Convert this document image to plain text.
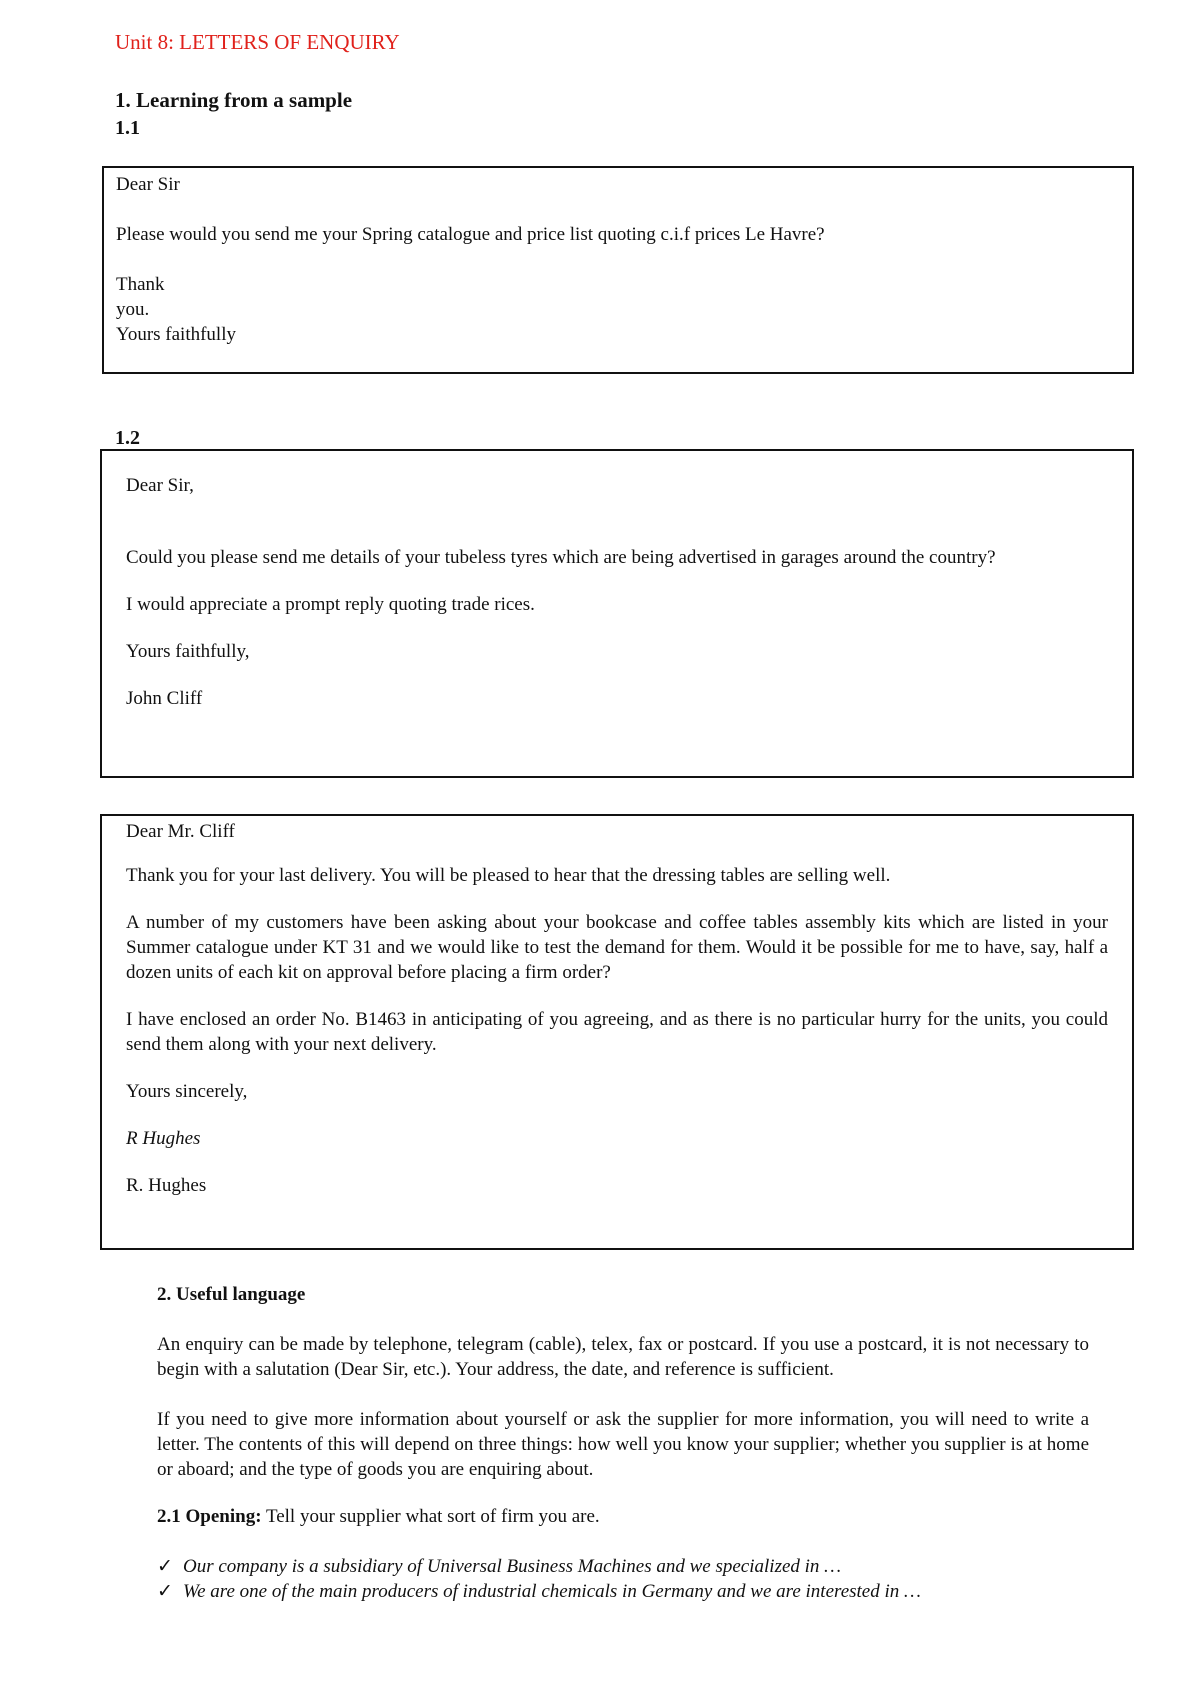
Unit 8: LETTERS OF ENQUIRY
1. Learning from a sample
1.1

Dear Sir

Please would you send me your Spring catalogue and price list quoting c.i.f prices Le Havre?

Thank

you.

Yours faithfully

1.2

Dear Sir,

Could you please send me details of your tubeless tyres which are being advertised in garages around the country?

I would appreciate a prompt reply quoting trade rices.

Yours faithfully,

John Cliff

Dear Mr. Cliff

Thank you for your last delivery. You will be pleased to hear that the dressing tables are selling well.

A number of my customers have been asking about your bookcase and coffee tables assembly kits which are listed in your Summer catalogue under KT 31 and we would like to test the demand for them. Would it be possible for me to have, say, half a dozen units of each kit on approval before placing a firm order?

I have enclosed an order No. B1463 in anticipating of you agreeing, and as there is no particular hurry for the units, you could send them along with your next delivery.

Yours sincerely,

R Hughes

R. Hughes

2. Useful language

An enquiry can be made by telephone, telegram (cable), telex, fax or postcard. If you use a postcard, it is not necessary to begin with a salutation (Dear Sir, etc.). Your address, the date, and reference is sufficient.

If you need to give more information about yourself or ask the supplier for more information, you will need to write a letter. The contents of this will depend on three things: how well you know your supplier; whether you supplier is at home or aboard; and the type of goods you are enquiring about.

2.1 Opening: Tell your supplier what sort of firm you are.

✓ Our company is a subsidiary of Universal Business Machines and we specialized in …
✓ We are one of the main producers of industrial chemicals in Germany and we are interested in …
